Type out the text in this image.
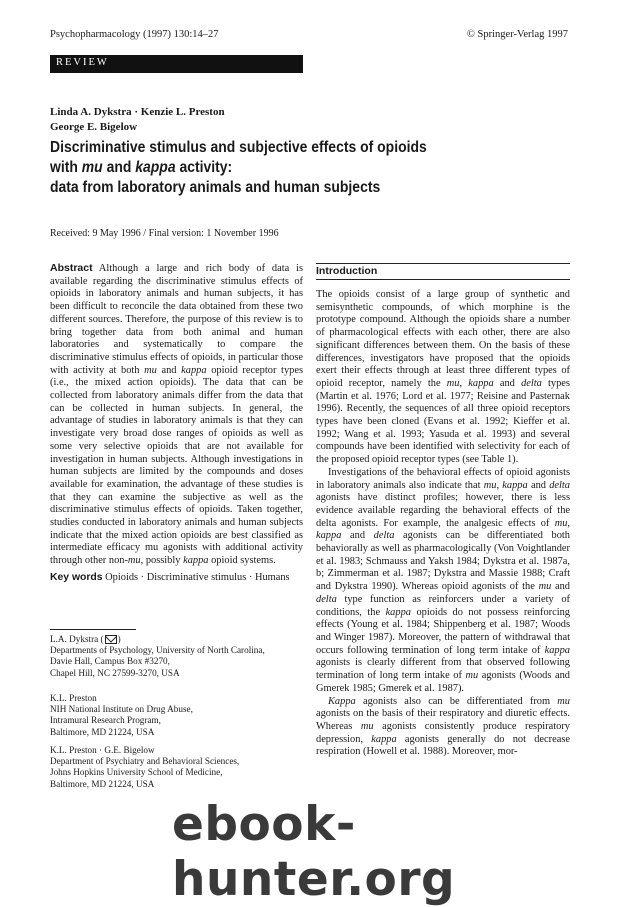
Psychopharmacology (1997) 130:14–27	© Springer-Verlag 1997
REVIEW
Linda A. Dykstra · Kenzie L. Preston
George E. Bigelow
Discriminative stimulus and subjective effects of opioids
with mu and kappa activity:
data from laboratory animals and human subjects
Received: 9 May 1996 / Final version: 1 November 1996
Abstract Although a large and rich body of data is available regarding the discriminative stimulus effects of opioids in laboratory animals and human subjects, it has been difficult to reconcile the data obtained from these two different sources. Therefore, the purpose of this review is to bring together data from both animal and human laboratories and systematically to compare the discriminative stimulus effects of opioids, in particular those with activity at both mu and kappa opioid receptor types (i.e., the mixed action opioids). The data that can be collected from laboratory animals differ from the data that can be collected in human subjects. In general, the advantage of studies in laboratory animals is that they can investigate very broad dose ranges of opioids as well as some very selective opioids that are not available for investigation in human subjects. Although investigations in human subjects are limited by the compounds and doses available for examination, the advantage of these studies is that they can examine the subjective as well as the discriminative stimulus effects of opioids. Taken together, studies conducted in laboratory animals and human subjects indicate that the mixed action opioids are best classified as intermediate efficacy mu agonists with additional activity through other non-mu, possibly kappa opioid systems.
Key words Opioids · Discriminative stimulus · Humans
L.A. Dykstra ( )
Departments of Psychology, University of North Carolina,
Davie Hall, Campus Box #3270,
Chapel Hill, NC 27599-3270, USA
K.L. Preston
NIH National Institute on Drug Abuse,
Intramural Research Program,
Baltimore, MD 21224, USA
K.L. Preston · G.E. Bigelow
Department of Psychiatry and Behavioral Sciences,
Johns Hopkins University School of Medicine,
Baltimore, MD 21224, USA
Introduction

The opioids consist of a large group of synthetic and semisynthetic compounds, of which morphine is the prototype compound. Although the opioids share a number of pharmacological effects with each other, there are also significant differences between them. On the basis of these differences, investigators have proposed that the opioids exert their effects through at least three different types of opioid receptor, namely the mu, kappa and delta types (Martin et al. 1976; Lord et al. 1977; Reisine and Pasternak 1996). Recently, the sequences of all three opioid receptors types have been cloned (Evans et al. 1992; Kieffer et al. 1992; Wang et al. 1993; Yasuda et al. 1993) and several compounds have been identified with selectivity for each of the proposed opioid receptor types (see Table 1).

Investigations of the behavioral effects of opioid agonists in laboratory animals also indicate that mu, kappa and delta agonists have distinct profiles; however, there is less evidence available regarding the behavioral effects of the delta agonists. For example, the analgesic effects of mu, kappa and delta agonists can be differentiated both behaviorally as well as pharmacologically (Von Voightlander et al. 1983; Schmauss and Yaksh 1984; Dykstra et al. 1987a, b; Zimmerman et al. 1987; Dykstra and Massie 1988; Craft and Dykstra 1990). Whereas opioid agonists of the mu and delta type function as reinforcers under a variety of conditions, the kappa opioids do not possess reinforcing effects (Young et al. 1984; Shippenberg et al. 1987; Woods and Winger 1987). Moreover, the pattern of withdrawal that occurs following termination of long term intake of kappa agonists is clearly different from that observed following termination of long term intake of mu agonists (Woods and Gmerek 1985; Gmerek et al. 1987).

Kappa agonists also can be differentiated from mu agonists on the basis of their respiratory and diuretic effects. Whereas mu agonists consistently produce respiratory depression, kappa agonists generally do not decrease respiration (Howell et al. 1988). Moreover, mor-

ebook-hunter.org
